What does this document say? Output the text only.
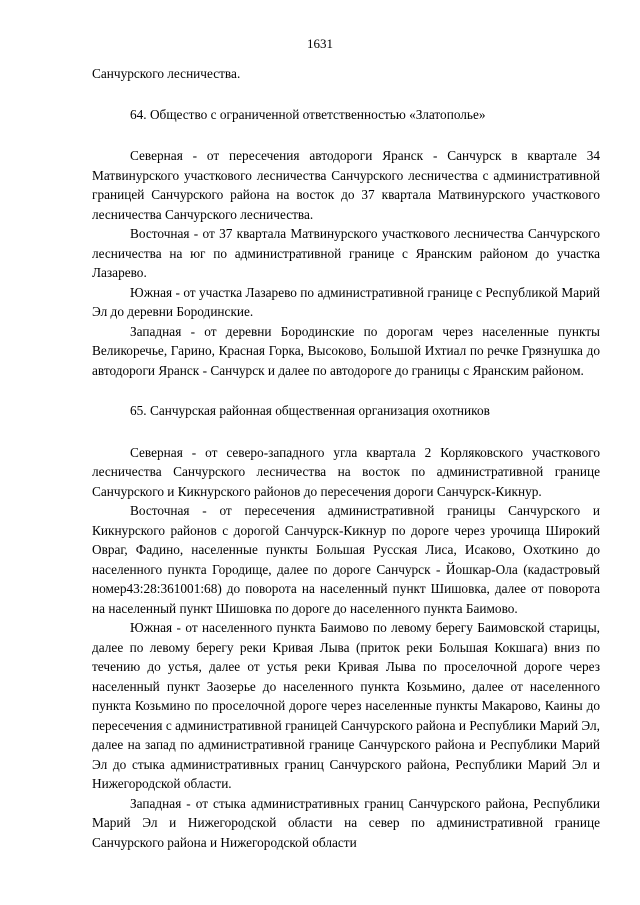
1631

Санчурского лесничества.

64. Общество с ограниченной ответственностью «Златополье»

Северная - от пересечения автодороги Яранск - Санчурск в квартале 34 Матвинурского участкового лесничества Санчурского лесничества с административной границей Санчурского района на восток до 37 квартала Матвинурского участкового лесничества Санчурского лесничества.

Восточная - от 37 квартала Матвинурского участкового лесничества Санчурского лесничества на юг по административной границе с Яранским районом до участка Лазарево.

Южная - от участка Лазарево по административной границе с Республикой Марий Эл до деревни Бородинские.

Западная - от деревни Бородинские по дорогам через населенные пункты Великоречье, Гарино, Красная Горка, Высоково, Большой Ихтиал по речке Грязнушка до автодороги Яранск - Санчурск и далее по автодороге до границы с Яранским районом.

65. Санчурская районная общественная организация охотников

Северная - от северо-западного угла квартала 2 Корляковского участкового лесничества Санчурского лесничества на восток по административной границе Санчурского и Кикнурского районов до пересечения дороги Санчурск-Кикнур.

Восточная - от пересечения административной границы Санчурского и Кикнурского районов с дорогой Санчурск-Кикнур по дороге через урочища Широкий Овраг, Фадино, населенные пункты Большая Русская Лиса, Исаково, Охоткино до населенного пункта Городище, далее по дороге Санчурск - Йошкар-Ола (кадастровый номер43:28:361001:68) до поворота на населенный пункт Шишовка, далее от поворота на населенный пункт Шишовка по дороге до населенного пункта Баимово.

Южная - от населенного пункта Баимово по левому берегу Баимовской старицы, далее по левому берегу реки Кривая Лыва (приток реки Большая Кокшага) вниз по течению до устья, далее от устья реки Кривая Лыва по проселочной дороге через населенный пункт Заозерье до населенного пункта Козьмино, далее от населенного пункта Козьмино по проселочной дороге через населенные пункты Макарово, Каины до пересечения с административной границей Санчурского района и Республики Марий Эл, далее на запад по административной границе Санчурского района и Республики Марий Эл до стыка административных границ Санчурского района, Республики Марий Эл и Нижегородской области.

Западная - от стыка административных границ Санчурского района, Республики Марий Эл и Нижегородской области на север по административной границе Санчурского района и Нижегородской области
